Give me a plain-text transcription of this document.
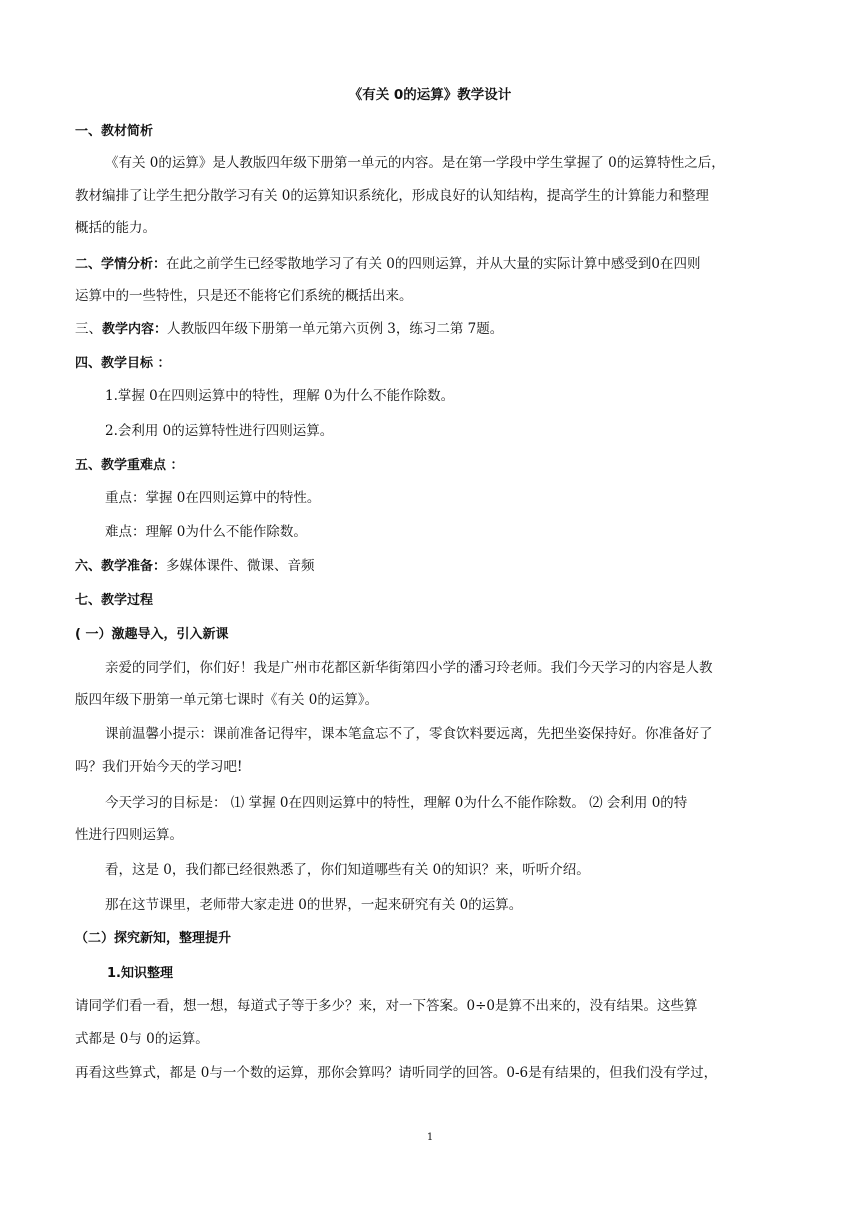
《有关 0的运算》教学设计
一、教材简析
《有关 0的运算》是人教版四年级下册第一单元的内容。是在第一学段中学生掌握了 0的运算特性之后，
教材编排了让学生把分散学习有关 0的运算知识系统化，形成良好的认知结构，提高学生的计算能力和整理
概括的能力。
二、学情分析：在此之前学生已经零散地学习了有关 0的四则运算，并从大量的实际计算中感受到0在四则
运算中的一些特性，只是还不能将它们系统的概括出来。
三、教学内容：人教版四年级下册第一单元第六页例 3，练习二第 7题。
四、教学目标 ：
1.掌握 0在四则运算中的特性，理解 0为什么不能作除数。
2.会利用 0的运算特性进行四则运算。
五、教学重难点 ：
重点：掌握 0在四则运算中的特性。
难点：理解 0为什么不能作除数。
六、教学准备：多媒体课件、微课、音频
七、教学过程
( 一）激趣导入，引入新课
亲爱的同学们，你们好！我是广州市花都区新华街第四小学的潘习玲老师。我们今天学习的内容是人教
版四年级下册第一单元第七课时《有关 0的运算》。
课前温馨小提示：课前准备记得牢，课本笔盒忘不了，零食饮料要远离，先把坐姿保持好。你准备好了
吗？我们开始今天的学习吧!
今天学习的目标是： ⑴ 掌握 0在四则运算中的特性，理解 0为什么不能作除数。 ⑵ 会利用 0的特
性进行四则运算。
看，这是 0，我们都已经很熟悉了，你们知道哪些有关 0的知识？来，听听介绍。
那在这节课里，老师带大家走进 0的世界，一起来研究有关 0的运算。
（二）探究新知，整理提升
1.知识整理
请同学们看一看，想一想，每道式子等于多少？来，对一下答案。0÷0是算不出来的，没有结果。这些算
式都是 0与 0的运算。
再看这些算式，都是 0与一个数的运算，那你会算吗？请听同学的回答。0-6是有结果的，但我们没有学过，
1
